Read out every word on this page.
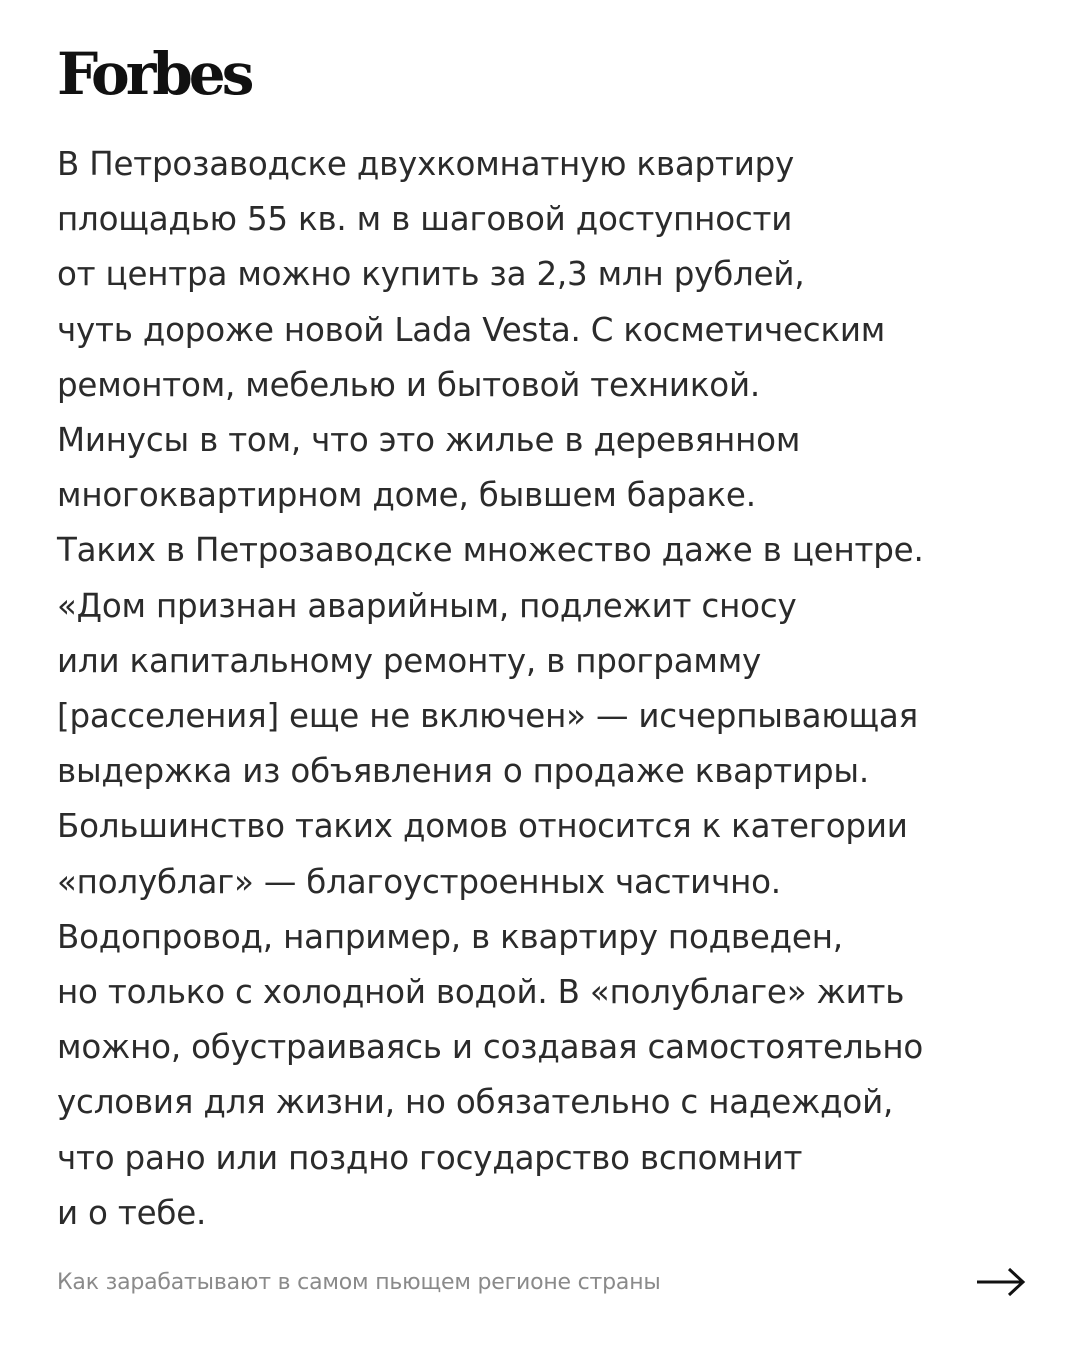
Forbes
В Петрозаводске двухкомнатную квартиру
площадью 55 кв. м в шаговой доступности
от центра можно купить за 2,3 млн рублей,
чуть дороже новой Lada Vesta. С косметическим
ремонтом, мебелью и бытовой техникой.
Минусы в том, что это жилье в деревянном
многоквартирном доме, бывшем бараке.
Таких в Петрозаводске множество даже в центре.
«Дом признан аварийным, подлежит сносу
или капитальному ремонту, в программу
[расселения] еще не включен» — исчерпывающая
выдержка из объявления о продаже квартиры.
Большинство таких домов относится к категории
«полублаг» — благоустроенных частично.
Водопровод, например, в квартиру подведен,
но только с холодной водой. В «полублаге» жить
можно, обустраиваясь и создавая самостоятельно
условия для жизни, но обязательно с надеждой,
что рано или поздно государство вспомнит
и о тебе.
Как зарабатывают в самом пьющем регионе страны
